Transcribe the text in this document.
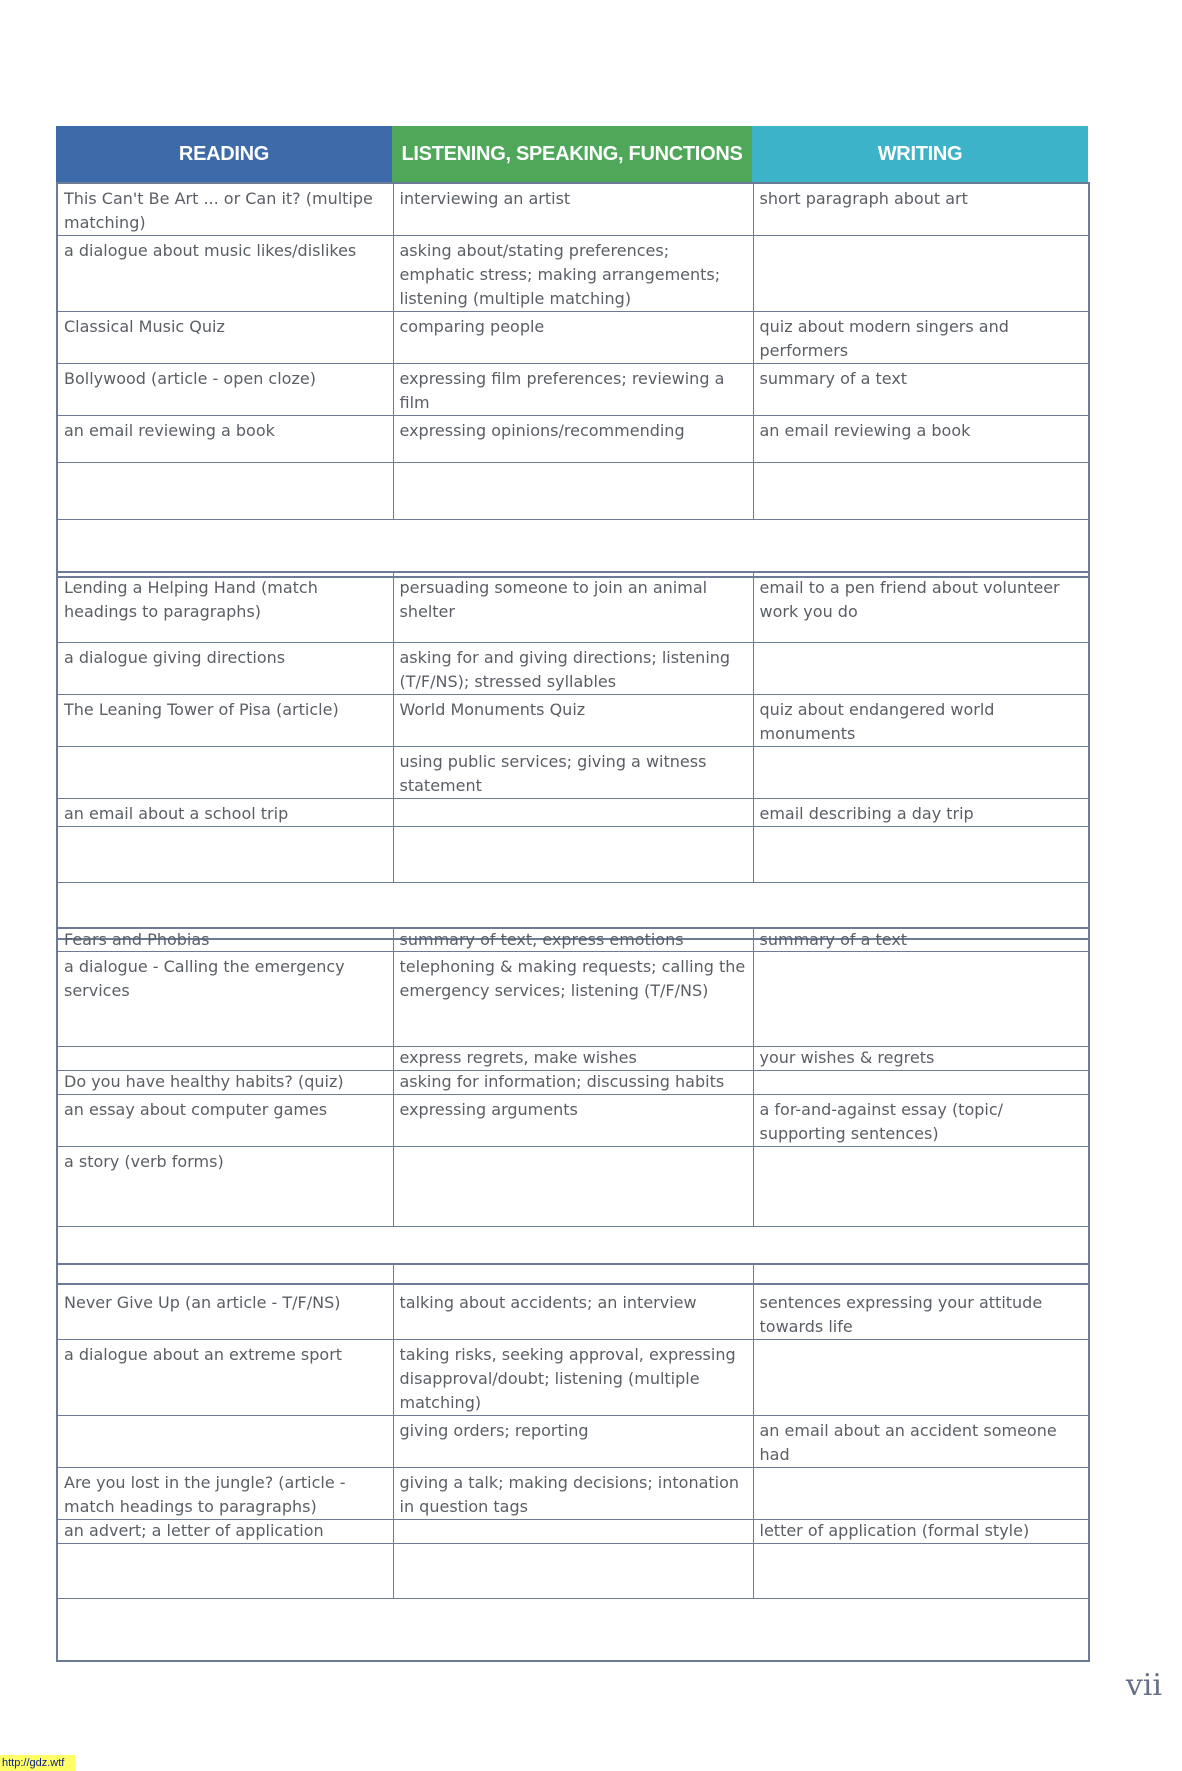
READING	LISTENING, SPEAKING, FUNCTIONS	WRITING
This Can't Be Art ... or Can it? (multipe matching)	interviewing an artist	short paragraph about art
a dialogue about music likes/dislikes	asking about/stating preferences; emphatic stress; making arrangements; listening (multiple matching)	
Classical Music Quiz	comparing people	quiz about modern singers and performers
Bollywood (article - open cloze)	expressing film preferences; reviewing a film	summary of a text
an email reviewing a book	expressing opinions/recommending	an email reviewing a book

Lending a Helping Hand (match headings to paragraphs)	persuading someone to join an animal shelter	email to a pen friend about volunteer work you do
a dialogue giving directions	asking for and giving directions; listening (T/F/NS); stressed syllables	
The Leaning Tower of Pisa (article)	World Monuments Quiz	quiz about endangered world monuments
	using public services; giving a witness statement	
an email about a school trip		email describing a day trip

Fears and Phobias	summary of text, express emotions	summary of a text
a dialogue - Calling the emergency services	telephoning & making requests; calling the emergency services; listening (T/F/NS)	
	express regrets, make wishes	your wishes & regrets
Do you have healthy habits? (quiz)	asking for information; discussing habits	
an essay about computer games	expressing arguments	a for-and-against essay (topic/ supporting sentences)
a story (verb forms)		

Never Give Up (an article - T/F/NS)	talking about accidents; an interview	sentences expressing your attitude towards life
a dialogue about an extreme sport	taking risks, seeking approval, expressing disapproval/doubt; listening (multiple matching)	
	giving orders; reporting	an email about an accident someone had
Are you lost in the jungle? (article - match headings to paragraphs)	giving a talk; making decisions; intonation in question tags	
an advert; a letter of application		letter of application (formal style)

vii
http://gdz.wtf
